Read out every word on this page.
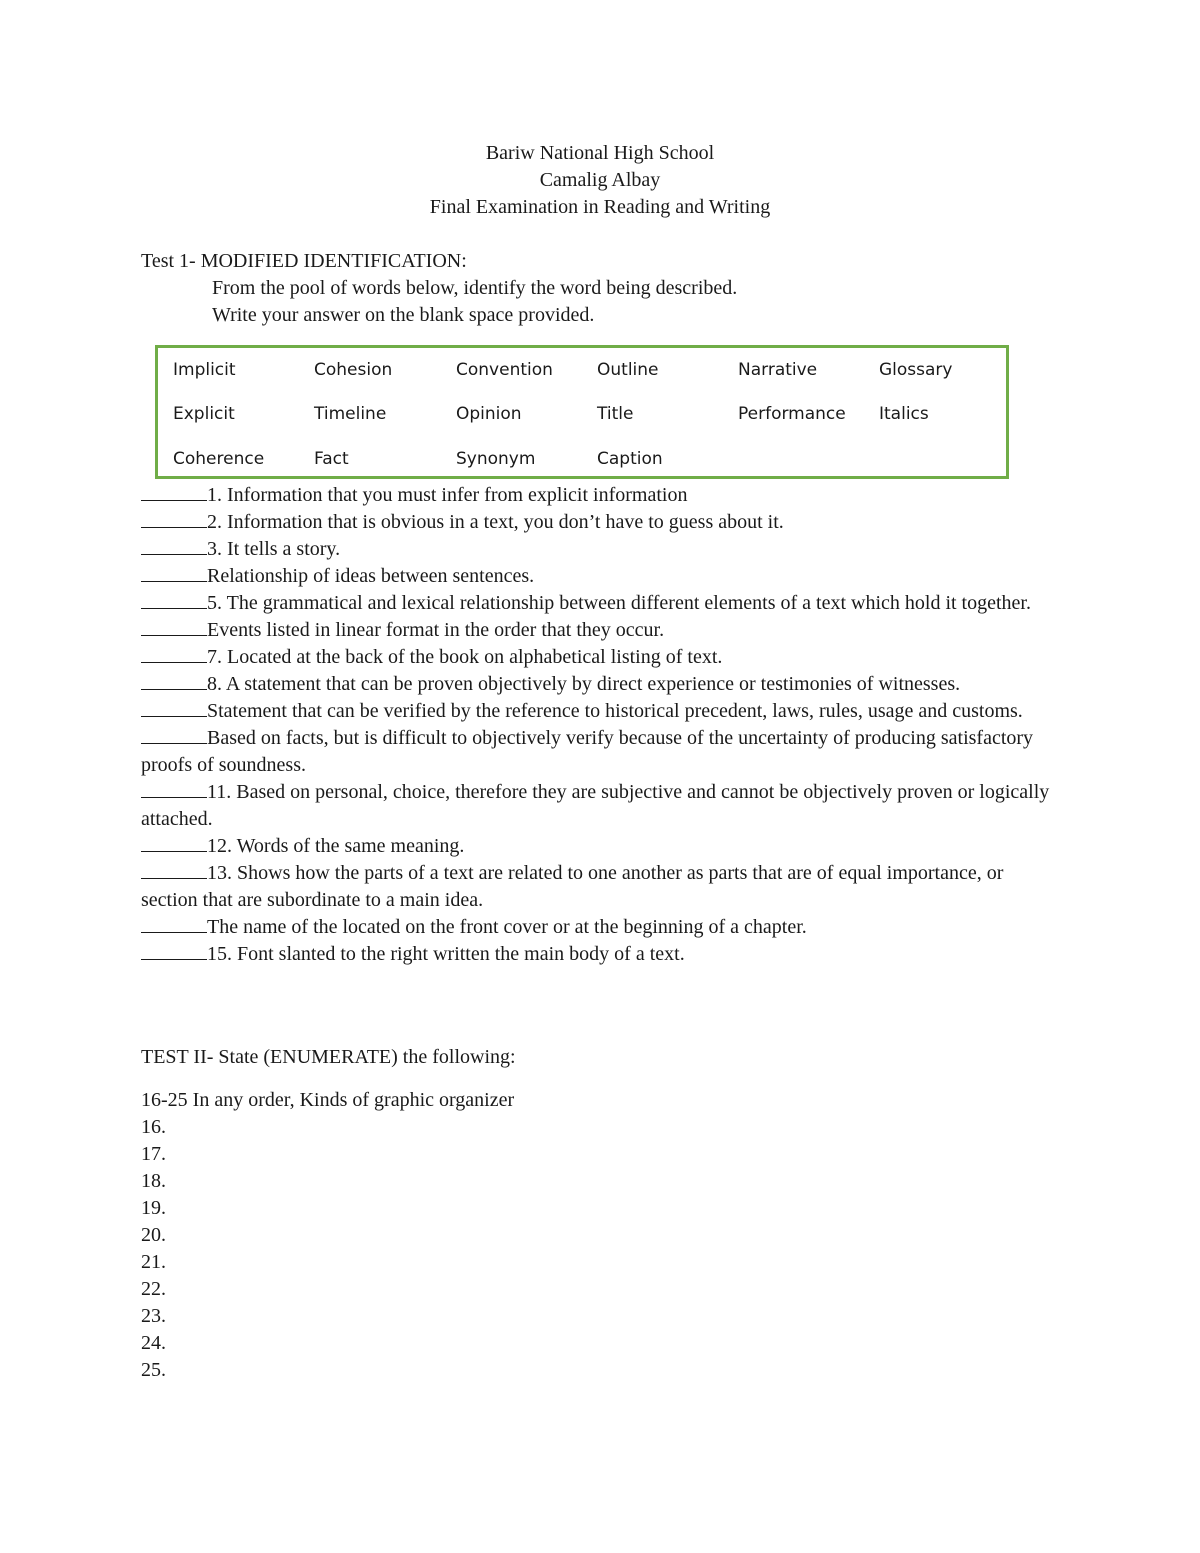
Bariw National High School
Camalig Albay
Final Examination in Reading and Writing
Test 1- MODIFIED IDENTIFICATION:
From the pool of words below, identify the word being described.
Write your answer on the blank space provided.
Implicit	Cohesion	Convention	Outline	Narrative	Glossary
Explicit	Timeline	Opinion	Title	Performance Italics
Coherence	Fact	Synonym	Caption

1. Information that you must infer from explicit information

2. Information that is obvious in a text, you don’t have to guess about it.

3. It tells a story.

Relationship of ideas between sentences.

5. The grammatical and lexical relationship between different elements of a text which hold it together.

Events listed in linear format in the order that they occur.

7. Located at the back of the book on alphabetical listing of text.

8. A statement that can be proven objectively by direct experience or testimonies of witnesses.

Statement that can be verified by the reference to historical precedent, laws, rules, usage and customs.

Based on facts, but is difficult to objectively verify because of the uncertainty of producing satisfactory proofs of soundness.

11. Based on personal, choice, therefore they are subjective and cannot be objectively proven or logically attached.

12. Words of the same meaning.

13. Shows how the parts of a text are related to one another as parts that are of equal importance, or section that are subordinate to a main idea.

The name of the located on the front cover or at the beginning of a chapter.

15. Font slanted to the right written the main body of a text.

TEST II- State (ENUMERATE) the following:
16-25 In any order, Kinds of graphic organizer
16.
17.
18.
19.
20.
21.
22.
23.
24.
25.
